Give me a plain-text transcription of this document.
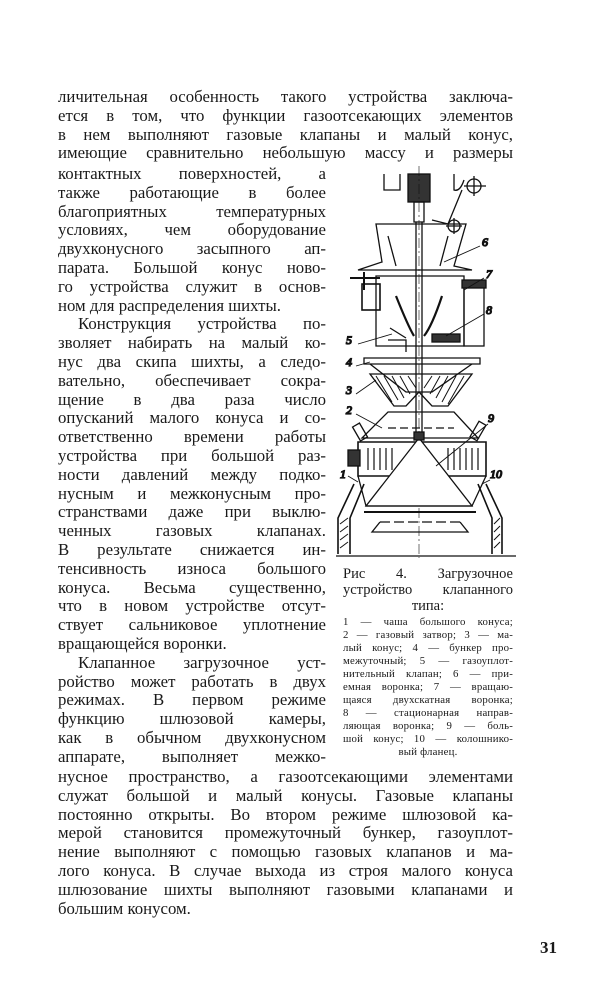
личительная особенность такого устройства заключа-
ется в том, что функции газоотсекающих элементов
в нем выполняют газовые клапаны и малый конус,
имеющие сравнительно небольшую массу и размеры
контактных поверхностей, а
также работающие в более
благоприятных температурных
условиях, чем оборудование
двухконусного засыпного ап-
парата. Большой конус ново-
го устройства служит в основ-
ном для распределения шихты.
Конструкция устройства по-
зволяет набирать на малый ко-
нус два скипа шихты, а следо-
вательно, обеспечивает сокра-
щение в два раза число
опусканий малого конуса и со-
ответственно времени работы
устройства при большой раз-
ности давлений между подко-
нусным и межконусным про-
странствами даже при выклю-
ченных газовых клапанах.
В результате снижается ин-
тенсивность износа большого
конуса. Весьма существенно,
что в новом устройстве отсут-
ствует сальниковое уплотнение
вращающейся воронки.
Клапанное загрузочное уст-
ройство может работать в двух
режимах. В первом режиме
функцию шлюзовой камеры,
как в обычном двухконусном
аппарате, выполняет межко-
нусное пространство, а газоотсекающими элементами
служат большой и малый конусы. Газовые клапаны
постоянно открыты. Во втором режиме шлюзовой ка-
мерой становится промежуточный бункер, газоуплот-
нение выполняют с помощью газовых клапанов и ма-
лого конуса. В случае выхода из строя малого конуса
шлюзование шихты выполняют газовыми клапанами и
большим конусом.
1
2
3
4
5
6
7
8
9
10
Рис 4. Загрузочное
устройство клапанного
типа:
1 — чаша большого конуса;
2 — газовый затвор; 3 — ма-
лый конус; 4 — бункер про-
межуточный; 5 — газоуплот-
нительный клапан; 6 — при-
емная воронка; 7 — вращаю-
щаяся двухскатная воронка;
8 — стационарная направ-
ляющая воронка; 9 — боль-
шой конус; 10 — колошнико-
вый фланец.
31
